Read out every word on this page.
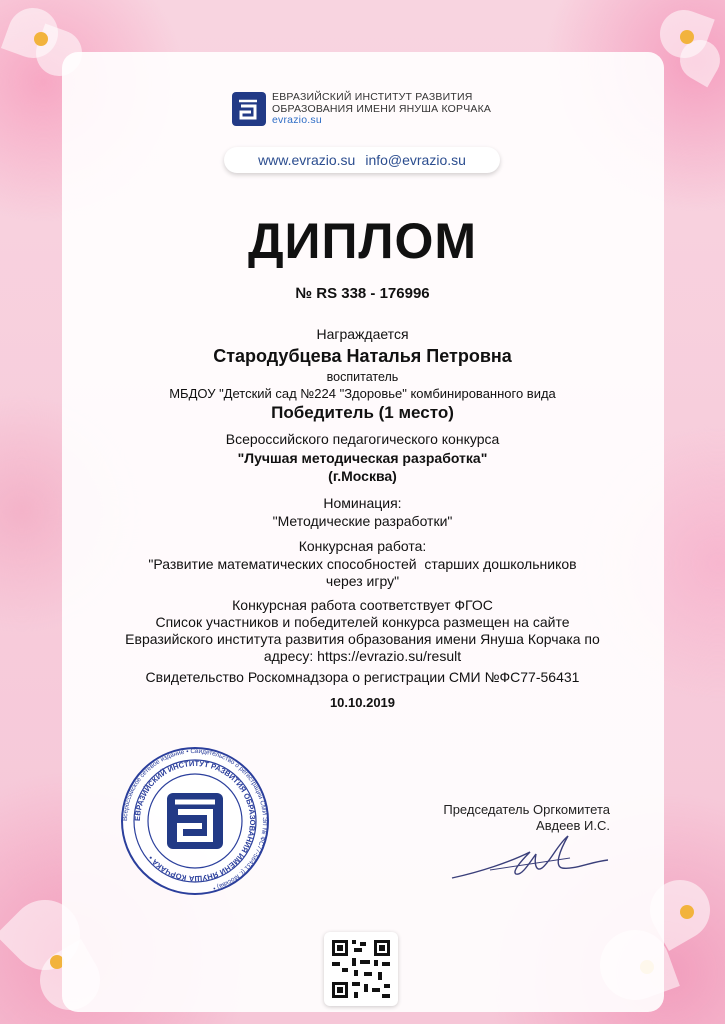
ЕВРАЗИЙСКИЙ ИНСТИТУТ РАЗВИТИЯ
ОБРАЗОВАНИЯ ИМЕНИ ЯНУША КОРЧАКА
evrazio.su
www.evrazio.su info@evrazio.su
ДИПЛОМ
№ RS 338 - 176996
Награждается
Стародубцева Наталья Петровна
воспитатель
МБДОУ "Детский сад №224 "Здоровье" комбинированного вида
Победитель (1 место)
Всероссийского педагогического конкурса
"Лучшая методическая разработка"
(г.Москва)
Номинация:
"Методические разработки"
Конкурсная работа:
"Развитие математических способностей  старших дошкольников
через игру"
Конкурсная работа соответствует ФГОС
Список участников и победителей конкурса размещен на сайте
Евразийского института развития образования имени Януша Корчака по
адресу: https://evrazio.su/result
Свидетельство Роскомнадзора о регистрации СМИ №ФС77-56431
10.10.2019
Всероссийское сетевое издание • Свидетельство о регистрации СМИ ЭЛ № ФС77-56431 (г. Москва) •
ЕВРАЗИЙСКИЙ ИНСТИТУТ РАЗВИТИЯ ОБРАЗОВАНИЯ ИМЕНИ ЯНУША КОРЧАКА •
Председатель Оргкомитета
Авдеев И.С.
